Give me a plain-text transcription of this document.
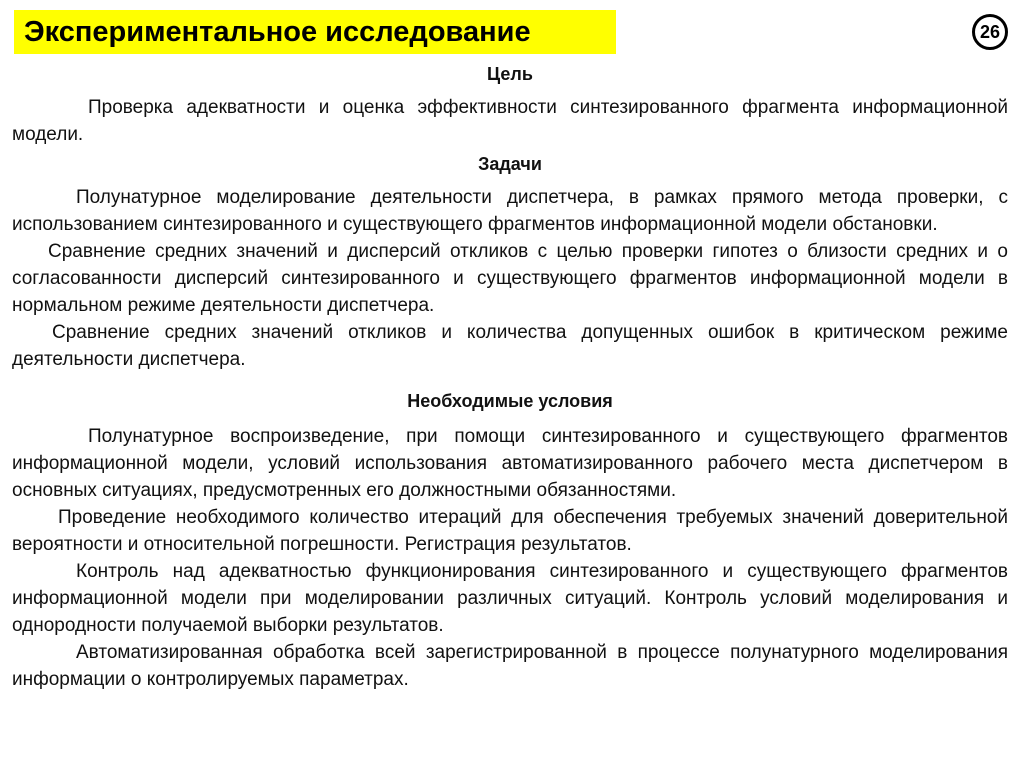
Экспериментальное исследование	26
Цель

Проверка адекватности и оценка эффективности синтезированного фрагмента информационной модели.

Задачи

Полунатурное моделирование деятельности диспетчера, в рамках прямого метода проверки, с использованием синтезированного и существующего фрагментов информационной модели обстановки.

Сравнение средних значений и дисперсий откликов с целью проверки гипотез о близости средних и о согласованности дисперсий синтезированного и существующего фрагментов информационной модели в нормальном режиме деятельности диспетчера.

Сравнение средних значений откликов и количества допущенных ошибок в критическом режиме деятельности диспетчера.

Необходимые условия

Полунатурное воспроизведение, при помощи синтезированного и существующего фрагментов информационной модели, условий использования автоматизированного рабочего места диспетчером в основных ситуациях, предусмотренных его должностными обязанностями.

Проведение необходимого количество итераций для обеспечения требуемых значений доверительной вероятности и относительной погрешности. Регистрация результатов.

Контроль над адекватностью функционирования синтезированного и существующего фрагментов информационной модели при моделировании различных ситуаций. Контроль условий моделирования и однородности получаемой выборки результатов.

Автоматизированная обработка всей зарегистрированной в процессе полунатурного моделирования информации о контролируемых параметрах.
